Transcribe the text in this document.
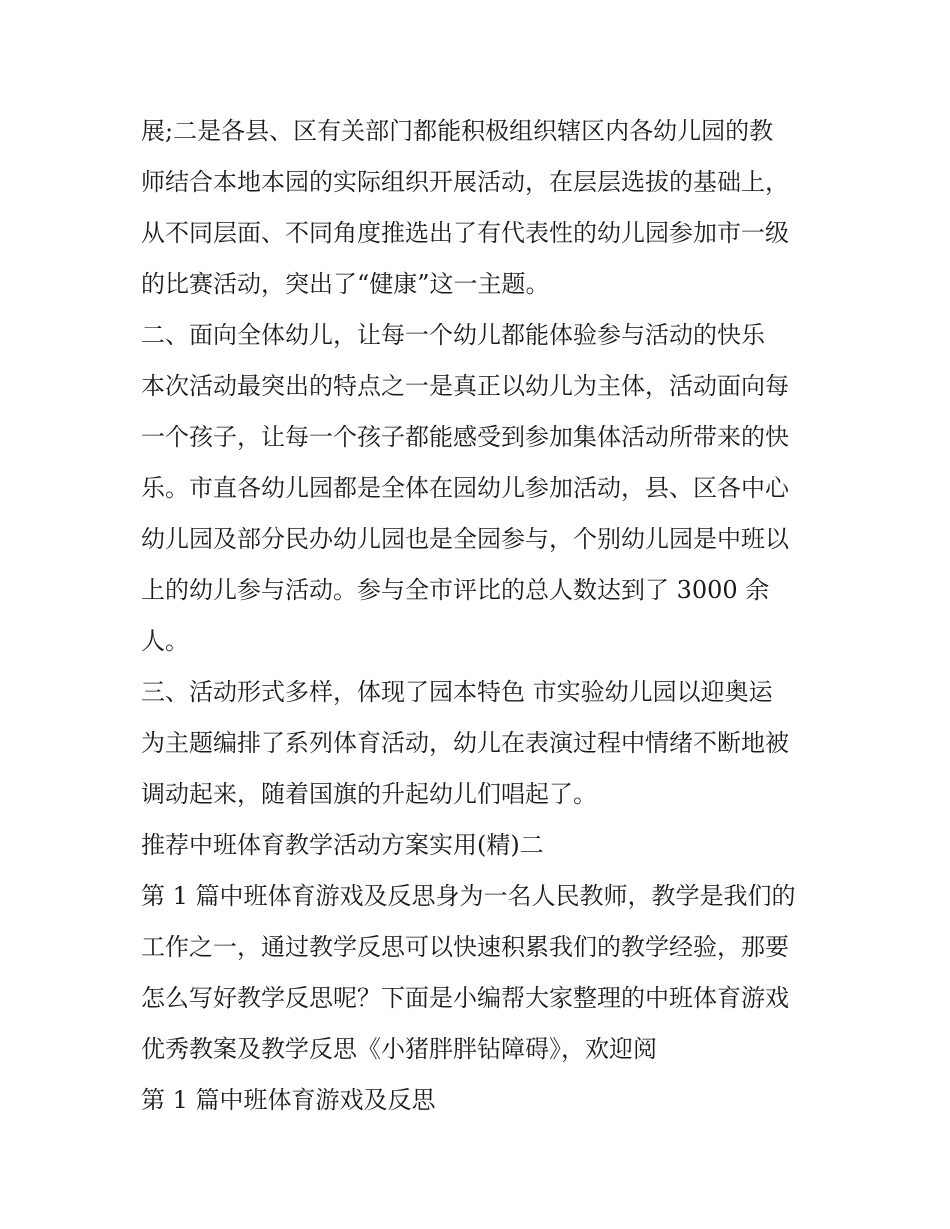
展;二是各县、区有关部门都能积极组织辖区内各幼儿园的教

师结合本地本园的实际组织开展活动，在层层选拔的基础上，

从不同层面、不同角度推选出了有代表性的幼儿园参加市一级

的比赛活动，突出了“健康”这一主题。

二、面向全体幼儿，让每一个幼儿都能体验参与活动的快乐

本次活动最突出的特点之一是真正以幼儿为主体，活动面向每

一个孩子，让每一个孩子都能感受到参加集体活动所带来的快

乐。市直各幼儿园都是全体在园幼儿参加活动，县、区各中心

幼儿园及部分民办幼儿园也是全园参与，个别幼儿园是中班以

上的幼儿参与活动。参与全市评比的总人数达到了 3000 余

人。

三、活动形式多样，体现了园本特色 市实验幼儿园以迎奥运

为主题编排了系列体育活动，幼儿在表演过程中情绪不断地被

调动起来，随着国旗的升起幼儿们唱起了。

推荐中班体育教学活动方案实用(精)二

第 1 篇中班体育游戏及反思身为一名人民教师，教学是我们的

工作之一，通过教学反思可以快速积累我们的教学经验，那要

怎么写好教学反思呢？下面是小编帮大家整理的中班体育游戏

优秀教案及教学反思《小猪胖胖钻障碍》，欢迎阅

第 1 篇中班体育游戏及反思
